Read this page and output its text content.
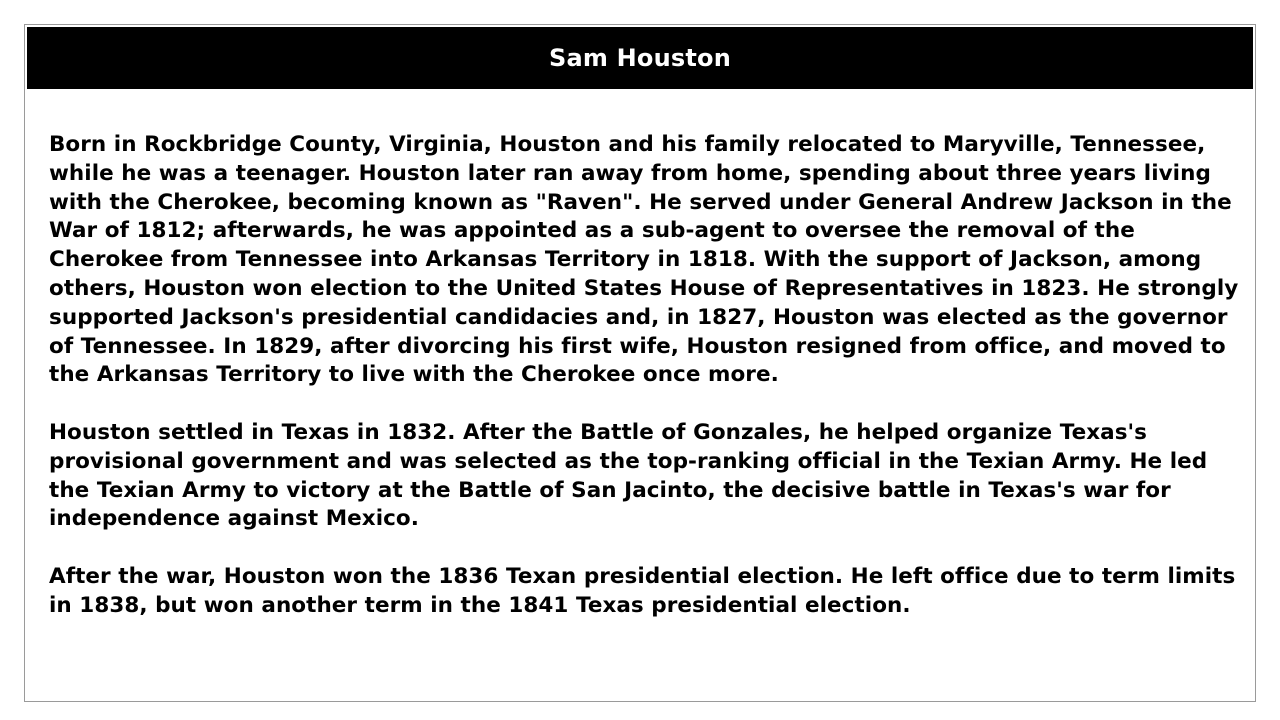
Sam Houston

Born in Rockbridge County, Virginia, Houston and his family relocated to Maryville, Tennessee, while he was a teenager. Houston later ran away from home, spending about three years living with the Cherokee, becoming known as "Raven". He served under General Andrew Jackson in the War of 1812; afterwards, he was appointed as a sub-agent to oversee the removal of the Cherokee from Tennessee into Arkansas Territory in 1818. With the support of Jackson, among others, Houston won election to the United States House of Representatives in 1823. He strongly supported Jackson's presidential candidacies and, in 1827, Houston was elected as the governor of Tennessee. In 1829, after divorcing his first wife, Houston resigned from office, and moved to the Arkansas Territory to live with the Cherokee once more.

Houston settled in Texas in 1832. After the Battle of Gonzales, he helped organize Texas's provisional government and was selected as the top-ranking official in the Texian Army. He led the Texian Army to victory at the Battle of San Jacinto, the decisive battle in Texas's war for independence against Mexico.

After the war, Houston won the 1836 Texan presidential election. He left office due to term limits in 1838, but won another term in the 1841 Texas presidential election.
